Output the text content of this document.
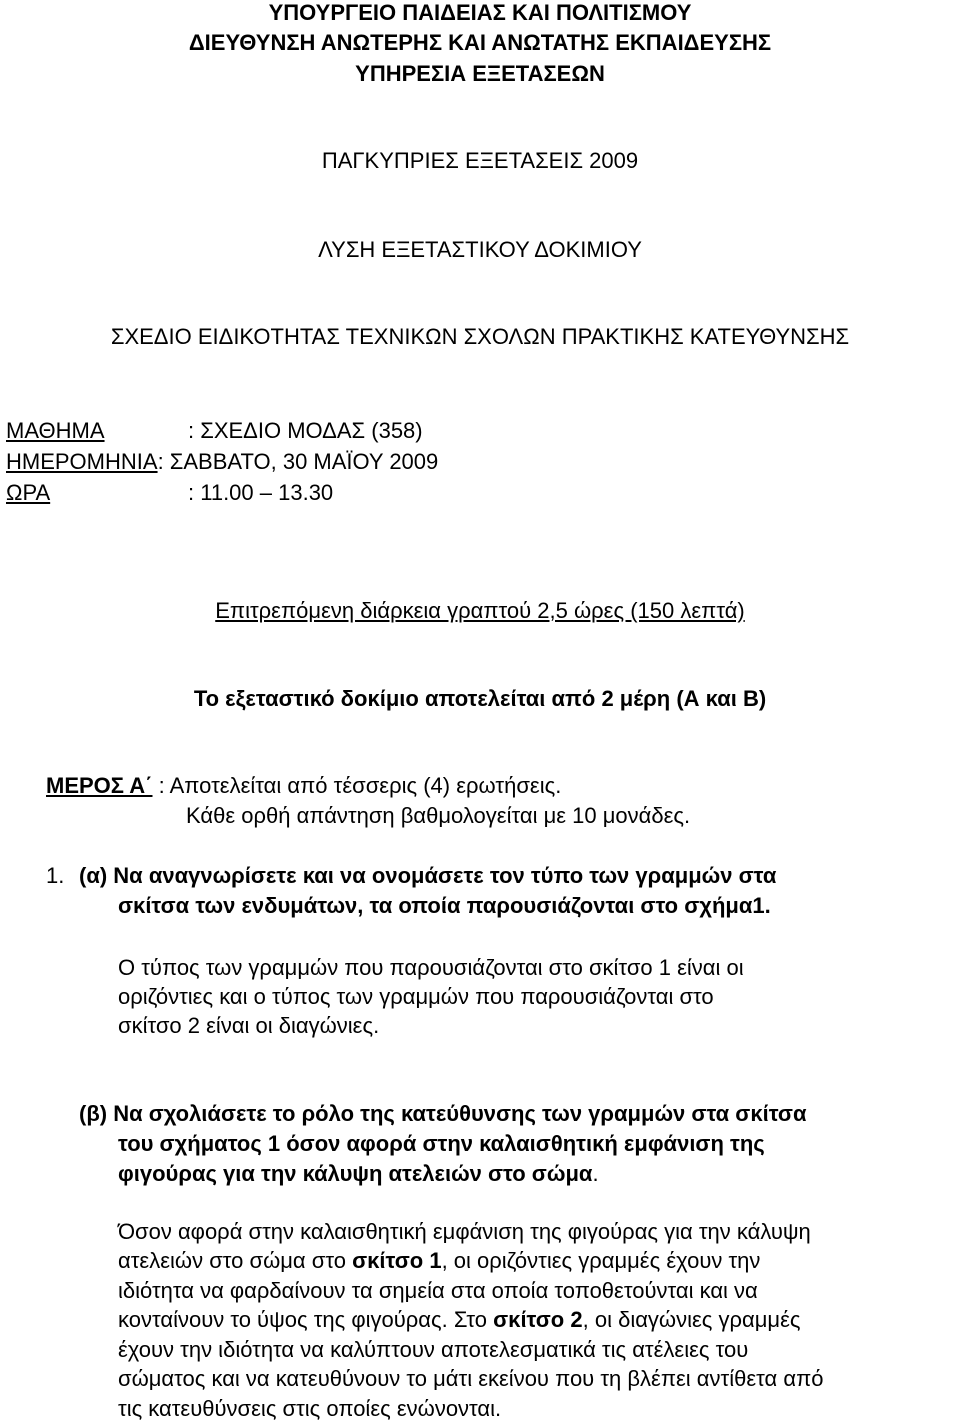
ΥΠΟΥΡΓΕΙΟ ΠΑΙΔΕΙΑΣ ΚΑΙ ΠΟΛΙΤΙΣΜΟΥ
ΔΙΕΥΘΥΝΣΗ ΑΝΩΤΕΡΗΣ ΚΑΙ ΑΝΩΤΑΤΗΣ ΕΚΠΑΙΔΕΥΣΗΣ
ΥΠΗΡΕΣΙΑ ΕΞΕΤΑΣΕΩΝ
ΠΑΓΚΥΠΡΙΕΣ ΕΞΕΤΑΣΕΙΣ 2009
ΛΥΣΗ ΕΞΕΤΑΣΤΙΚΟΥ ΔΟΚΙΜΙΟΥ
ΣΧΕΔΙΟ ΕΙΔΙΚΟΤΗΤΑΣ ΤΕΧΝΙΚΩΝ ΣΧΟΛΩΝ ΠΡΑΚΤΙΚΗΣ ΚΑΤΕΥΘΥΝΣΗΣ
ΜΑΘΗΜΑ	: ΣΧΕΔΙΟ ΜΟΔΑΣ (358)
ΗΜΕΡΟΜΗΝΙΑ: ΣΑΒΒΑΤΟ, 30 ΜΑΪΟΥ 2009
ΩΡΑ	: 11.00 – 13.30
Επιτρεπόμενη διάρκεια γραπτού 2,5 ώρες (150 λεπτά)
Το εξεταστικό δοκίμιο αποτελείται από 2 μέρη (Α και Β)
ΜΕΡΟΣ Α΄ : Αποτελείται από τέσσερις (4) ερωτήσεις.
Κάθε ορθή απάντηση βαθμολογείται με 10 μονάδες.
1. (α) Να αναγνωρίσετε και να ονομάσετε τον τύπο των γραμμών στα
σκίτσα των ενδυμάτων, τα οποία παρουσιάζονται στο σχήμα1.
Ο τύπος των γραμμών που παρουσιάζονται στο σκίτσο 1 είναι οι
οριζόντιες και ο τύπος των γραμμών που παρουσιάζονται στο
σκίτσο 2 είναι οι διαγώνιες.
(β) Να σχολιάσετε το ρόλο της κατεύθυνσης των γραμμών στα σκίτσα
του σχήματος 1 όσον αφορά στην καλαισθητική εμφάνιση της
φιγούρας για την κάλυψη ατελειών στο σώμα.
Όσον αφορά στην καλαισθητική εμφάνιση της φιγούρας για την κάλυψη
ατελειών στο σώμα στο σκίτσο 1, οι οριζόντιες γραμμές έχουν την
ιδιότητα να φαρδαίνουν τα σημεία στα οποία τοποθετούνται και να
κονταίνουν το ύψος της φιγούρας. Στο σκίτσο 2, οι διαγώνιες γραμμές
έχουν την ιδιότητα να καλύπτουν αποτελεσματικά τις ατέλειες του
σώματος και να κατευθύνουν το μάτι εκείνου που τη βλέπει αντίθετα από
τις κατευθύνσεις στις οποίες ενώνονται.
